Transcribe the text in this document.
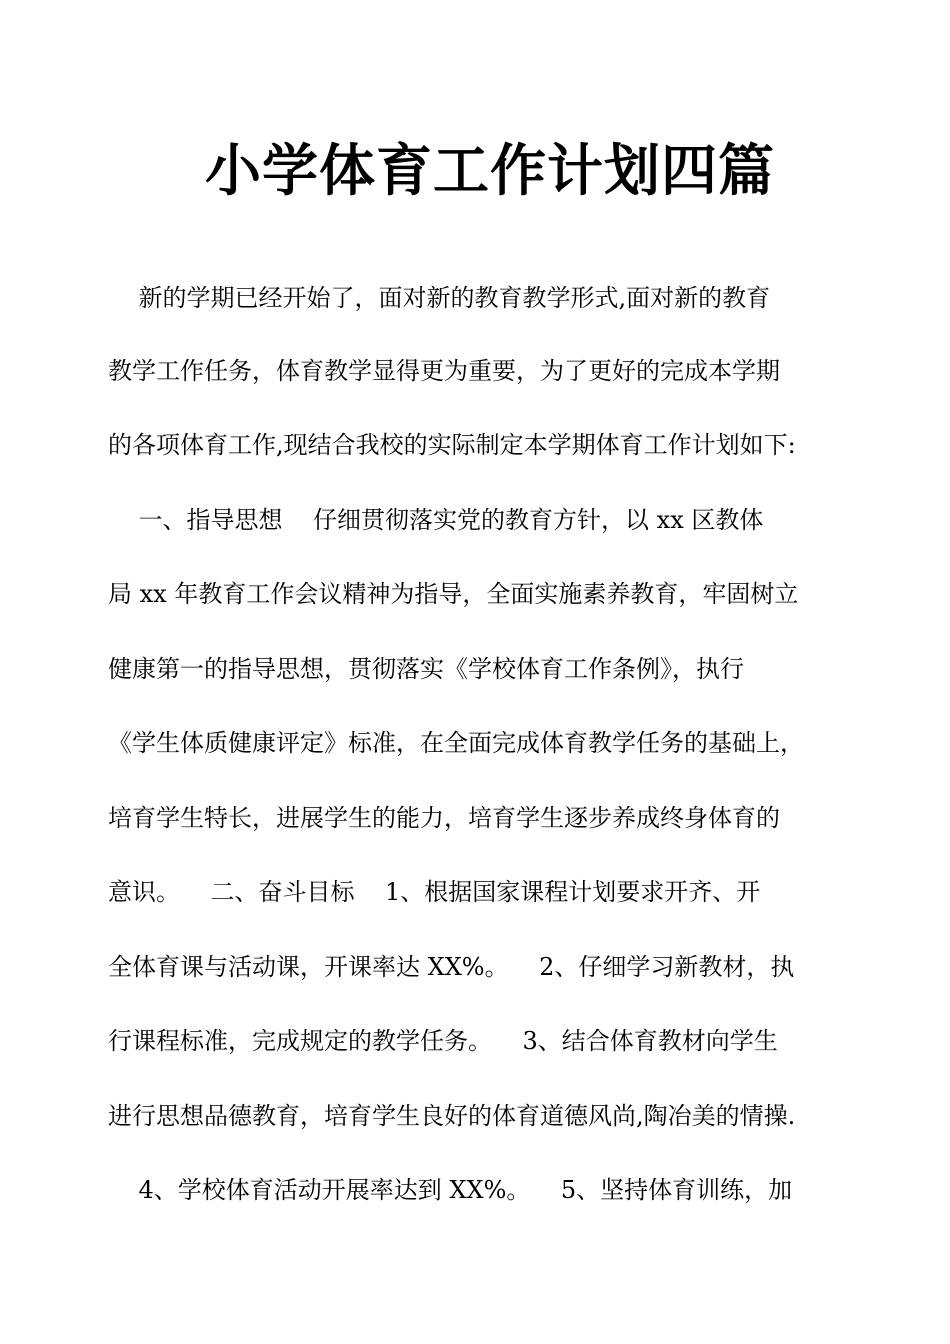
小学体育工作计划四篇

新的学期已经开始了，面对新的教育教学形式,面对新的教育

教学工作任务，体育教学显得更为重要，为了更好的完成本学期

的各项体育工作,现结合我校的实际制定本学期体育工作计划如下:

一、指导思想    仔细贯彻落实党的教育方针，以 xx 区教体

局 xx 年教育工作会议精神为指导，全面实施素养教育，牢固树立

健康第一的指导思想，贯彻落实《学校体育工作条例》，执行

《学生体质健康评定》标准，在全面完成体育教学任务的基础上，

培育学生特长，进展学生的能力，培育学生逐步养成终身体育的

意识。    二、奋斗目标    1、根据国家课程计划要求开齐、开

全体育课与活动课，开课率达 XX%。    2、仔细学习新教材，执

行课程标准，完成规定的教学任务。    3、结合体育教材向学生

进行思想品德教育，培育学生良好的体育道德风尚,陶冶美的情操.

4、学校体育活动开展率达到 XX%。    5、坚持体育训练，加
